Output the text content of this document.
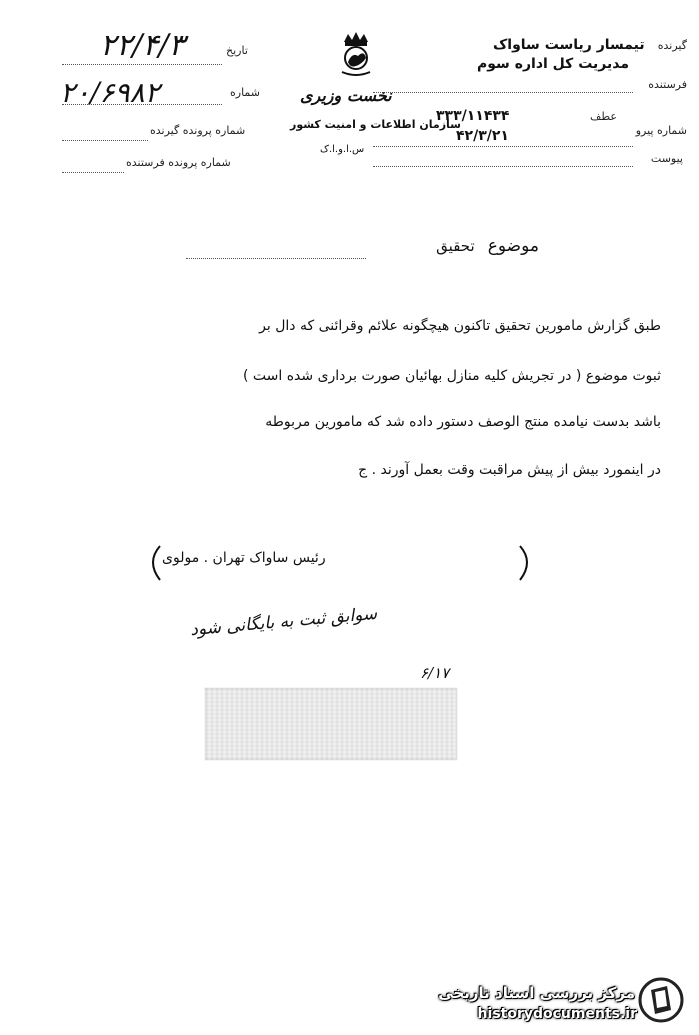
گیرنده تیمسار ریاست ساواک
مدیریت کل اداره سوم
فرستنده
عطف
۳۳۳/۱۱۴۳۴
شماره پیرو
۴۲/۳/۲۱
پیوست
نخست وزیری
سازمان اطلاعات و امنیت کشور
س.ا.و.ا.ک
تاریخ
۲۲/۴/۳
شماره
۲۰/۶۹۸۲
شماره پرونده گیرنده
شماره پرونده فرستنده
موضوع تحقیق
طبق گزارش مامورین تحقیق تاکنون هیچگونه علائم وقرائنی که دال بر
ثبوت موضوع ( در تجریش کلیه منازل بهائیان صورت برداری شده است )
باشد بدست نیامده منتج الوصف دستور داده شد که مامورین مربوطه
در اینمورد بیش از پیش مراقبت وقت بعمل آورند . ج
رئیس ساواک تهران . مولوی
سوابق ثبت به بایگانی شود
۶/۱۷
مرکز بررسی اسناد تاریخی
historydocuments.ir
